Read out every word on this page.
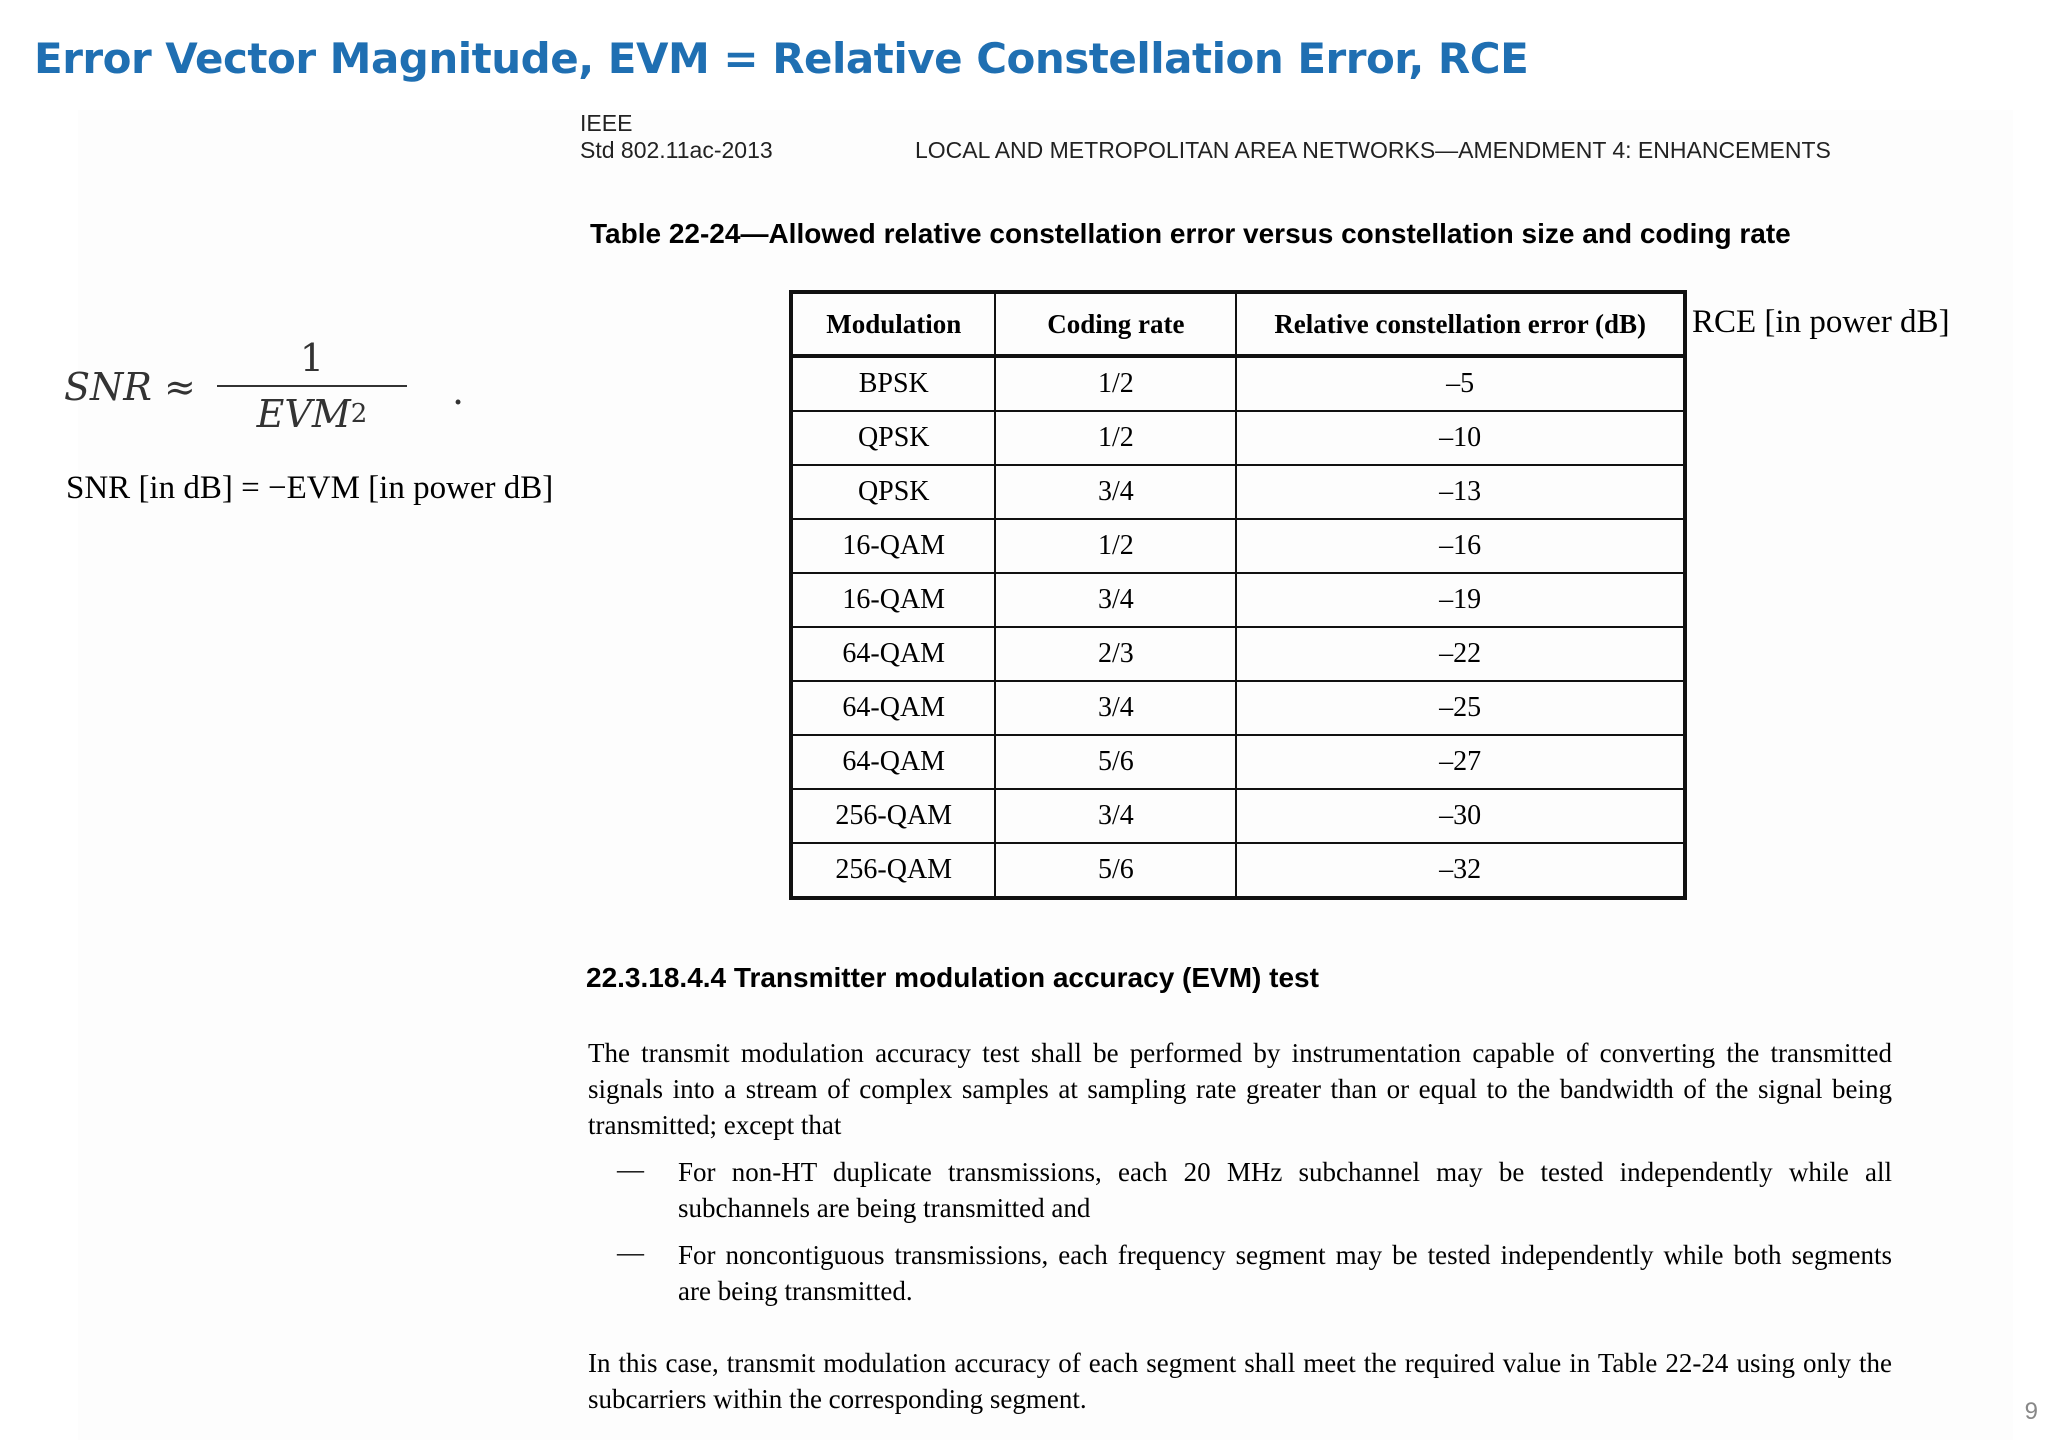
Error Vector Magnitude, EVM = Relative Constellation Error, RCE
SNR ≈
1
EVM$^2$
.
SNR [in dB] = −EVM [in power dB]
RCE [in power dB]
IEEE
Std 802.11ac-2013	LOCAL AND METROPOLITAN AREA NETWORKS—AMENDMENT 4: ENHANCEMENTS
Table 22-24—Allowed relative constellation error versus constellation size and coding rate
Modulation	Coding rate	Relative constellation error (dB)
BPSK	1/2	–5
QPSK	1/2	–10
QPSK	3/4	–13
16-QAM	1/2	–16
16-QAM	3/4	–19
64-QAM	2/3	–22
64-QAM	3/4	–25
64-QAM	5/6	–27
256-QAM	3/4	–30
256-QAM	5/6	–32
22.3.18.4.4 Transmitter modulation accuracy (EVM) test
The transmit modulation accuracy test shall be performed by instrumentation capable of converting the transmitted signals into a stream of complex samples at sampling rate greater than or equal to the bandwidth of the signal being transmitted; except that
— For non-HT duplicate transmissions, each 20 MHz subchannel may be tested independently while all subchannels are being transmitted and
— For noncontiguous transmissions, each frequency segment may be tested independently while both segments are being transmitted.
In this case, transmit modulation accuracy of each segment shall meet the required value in Table 22-24 using only the subcarriers within the corresponding segment.	9
